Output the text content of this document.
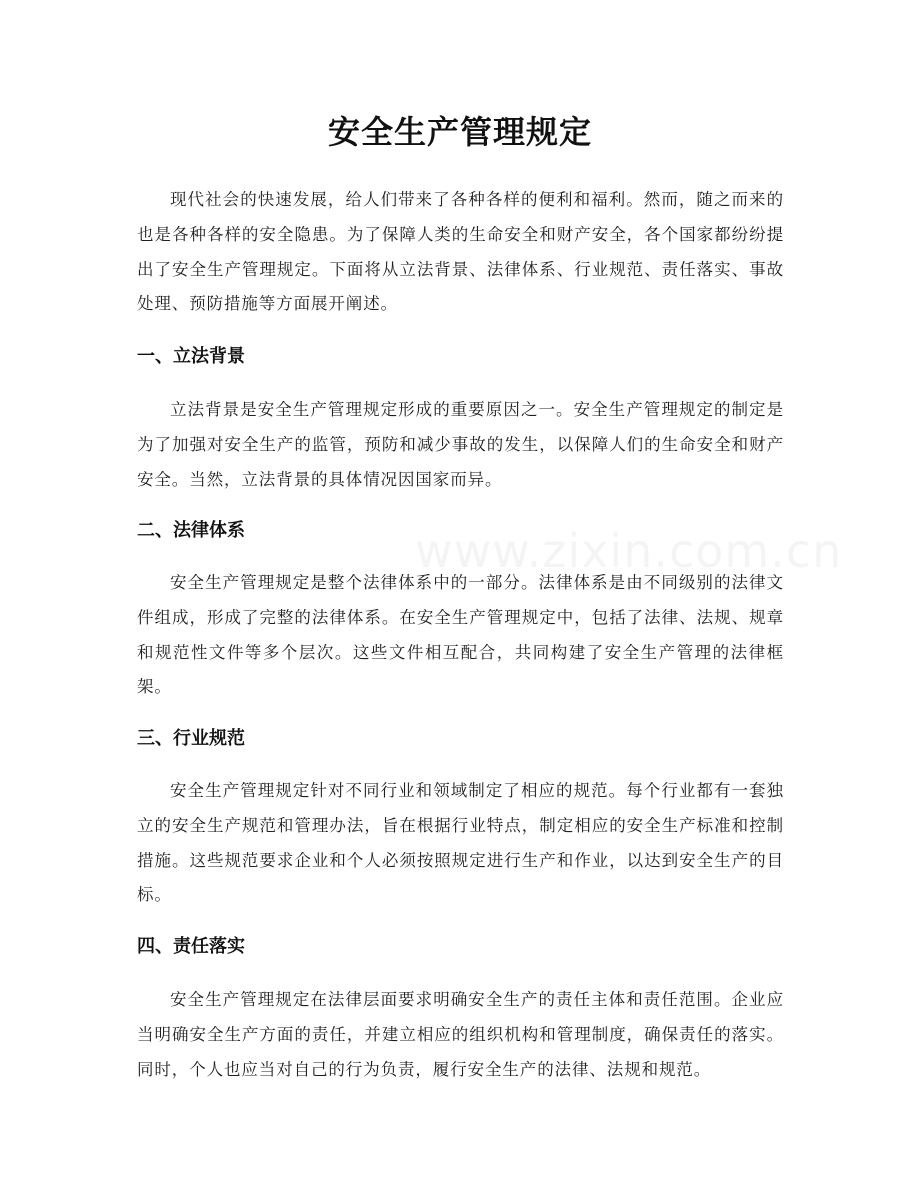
安全生产管理规定

现代社会的快速发展，给人们带来了各种各样的便利和福利。然而，随之而来的也是各种各样的安全隐患。为了保障人类的生命安全和财产安全，各个国家都纷纷提出了安全生产管理规定。下面将从立法背景、法律体系、行业规范、责任落实、事故处理、预防措施等方面展开阐述。

一、立法背景

立法背景是安全生产管理规定形成的重要原因之一。安全生产管理规定的制定是为了加强对安全生产的监管，预防和减少事故的发生，以保障人们的生命安全和财产安全。当然，立法背景的具体情况因国家而异。

二、法律体系

安全生产管理规定是整个法律体系中的一部分。法律体系是由不同级别的法律文件组成，形成了完整的法律体系。在安全生产管理规定中，包括了法律、法规、规章和规范性文件等多个层次。这些文件相互配合，共同构建了安全生产管理的法律框架。

三、行业规范

安全生产管理规定针对不同行业和领域制定了相应的规范。每个行业都有一套独立的安全生产规范和管理办法，旨在根据行业特点，制定相应的安全生产标准和控制措施。这些规范要求企业和个人必须按照规定进行生产和作业，以达到安全生产的目标。

四、责任落实

安全生产管理规定在法律层面要求明确安全生产的责任主体和责任范围。企业应当明确安全生产方面的责任，并建立相应的组织机构和管理制度，确保责任的落实。同时，个人也应当对自己的行为负责，履行安全生产的法律、法规和规范。
